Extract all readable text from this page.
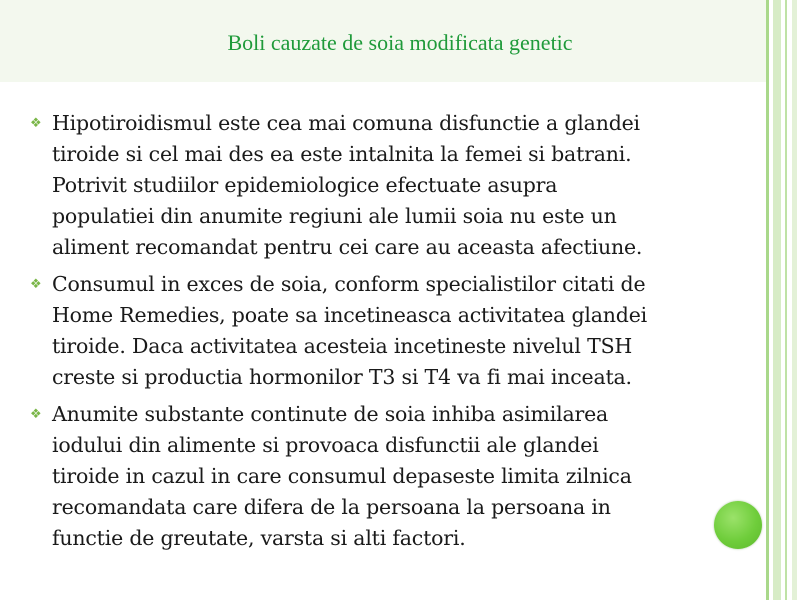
Boli cauzate de soia modificata genetic
❖ Hipotiroidismul este cea mai comuna disfunctie a glandei
tiroide si cel mai des ea este intalnita la femei si batrani.
Potrivit studiilor epidemiologice efectuate asupra
populatiei din anumite regiuni ale lumii soia nu este un
aliment recomandat pentru cei care au aceasta afectiune.
❖ Consumul in exces de soia, conform specialistilor citati de
Home Remedies, poate sa incetineasca activitatea glandei
tiroide. Daca activitatea acesteia incetineste nivelul TSH
creste si productia hormonilor T3 si T4 va fi mai inceata.
❖ Anumite substante continute de soia inhiba asimilarea
iodului din alimente si provoaca disfunctii ale glandei
tiroide in cazul in care consumul depaseste limita zilnica
recomandata care difera de la persoana la persoana in
functie de greutate, varsta si alti factori.
